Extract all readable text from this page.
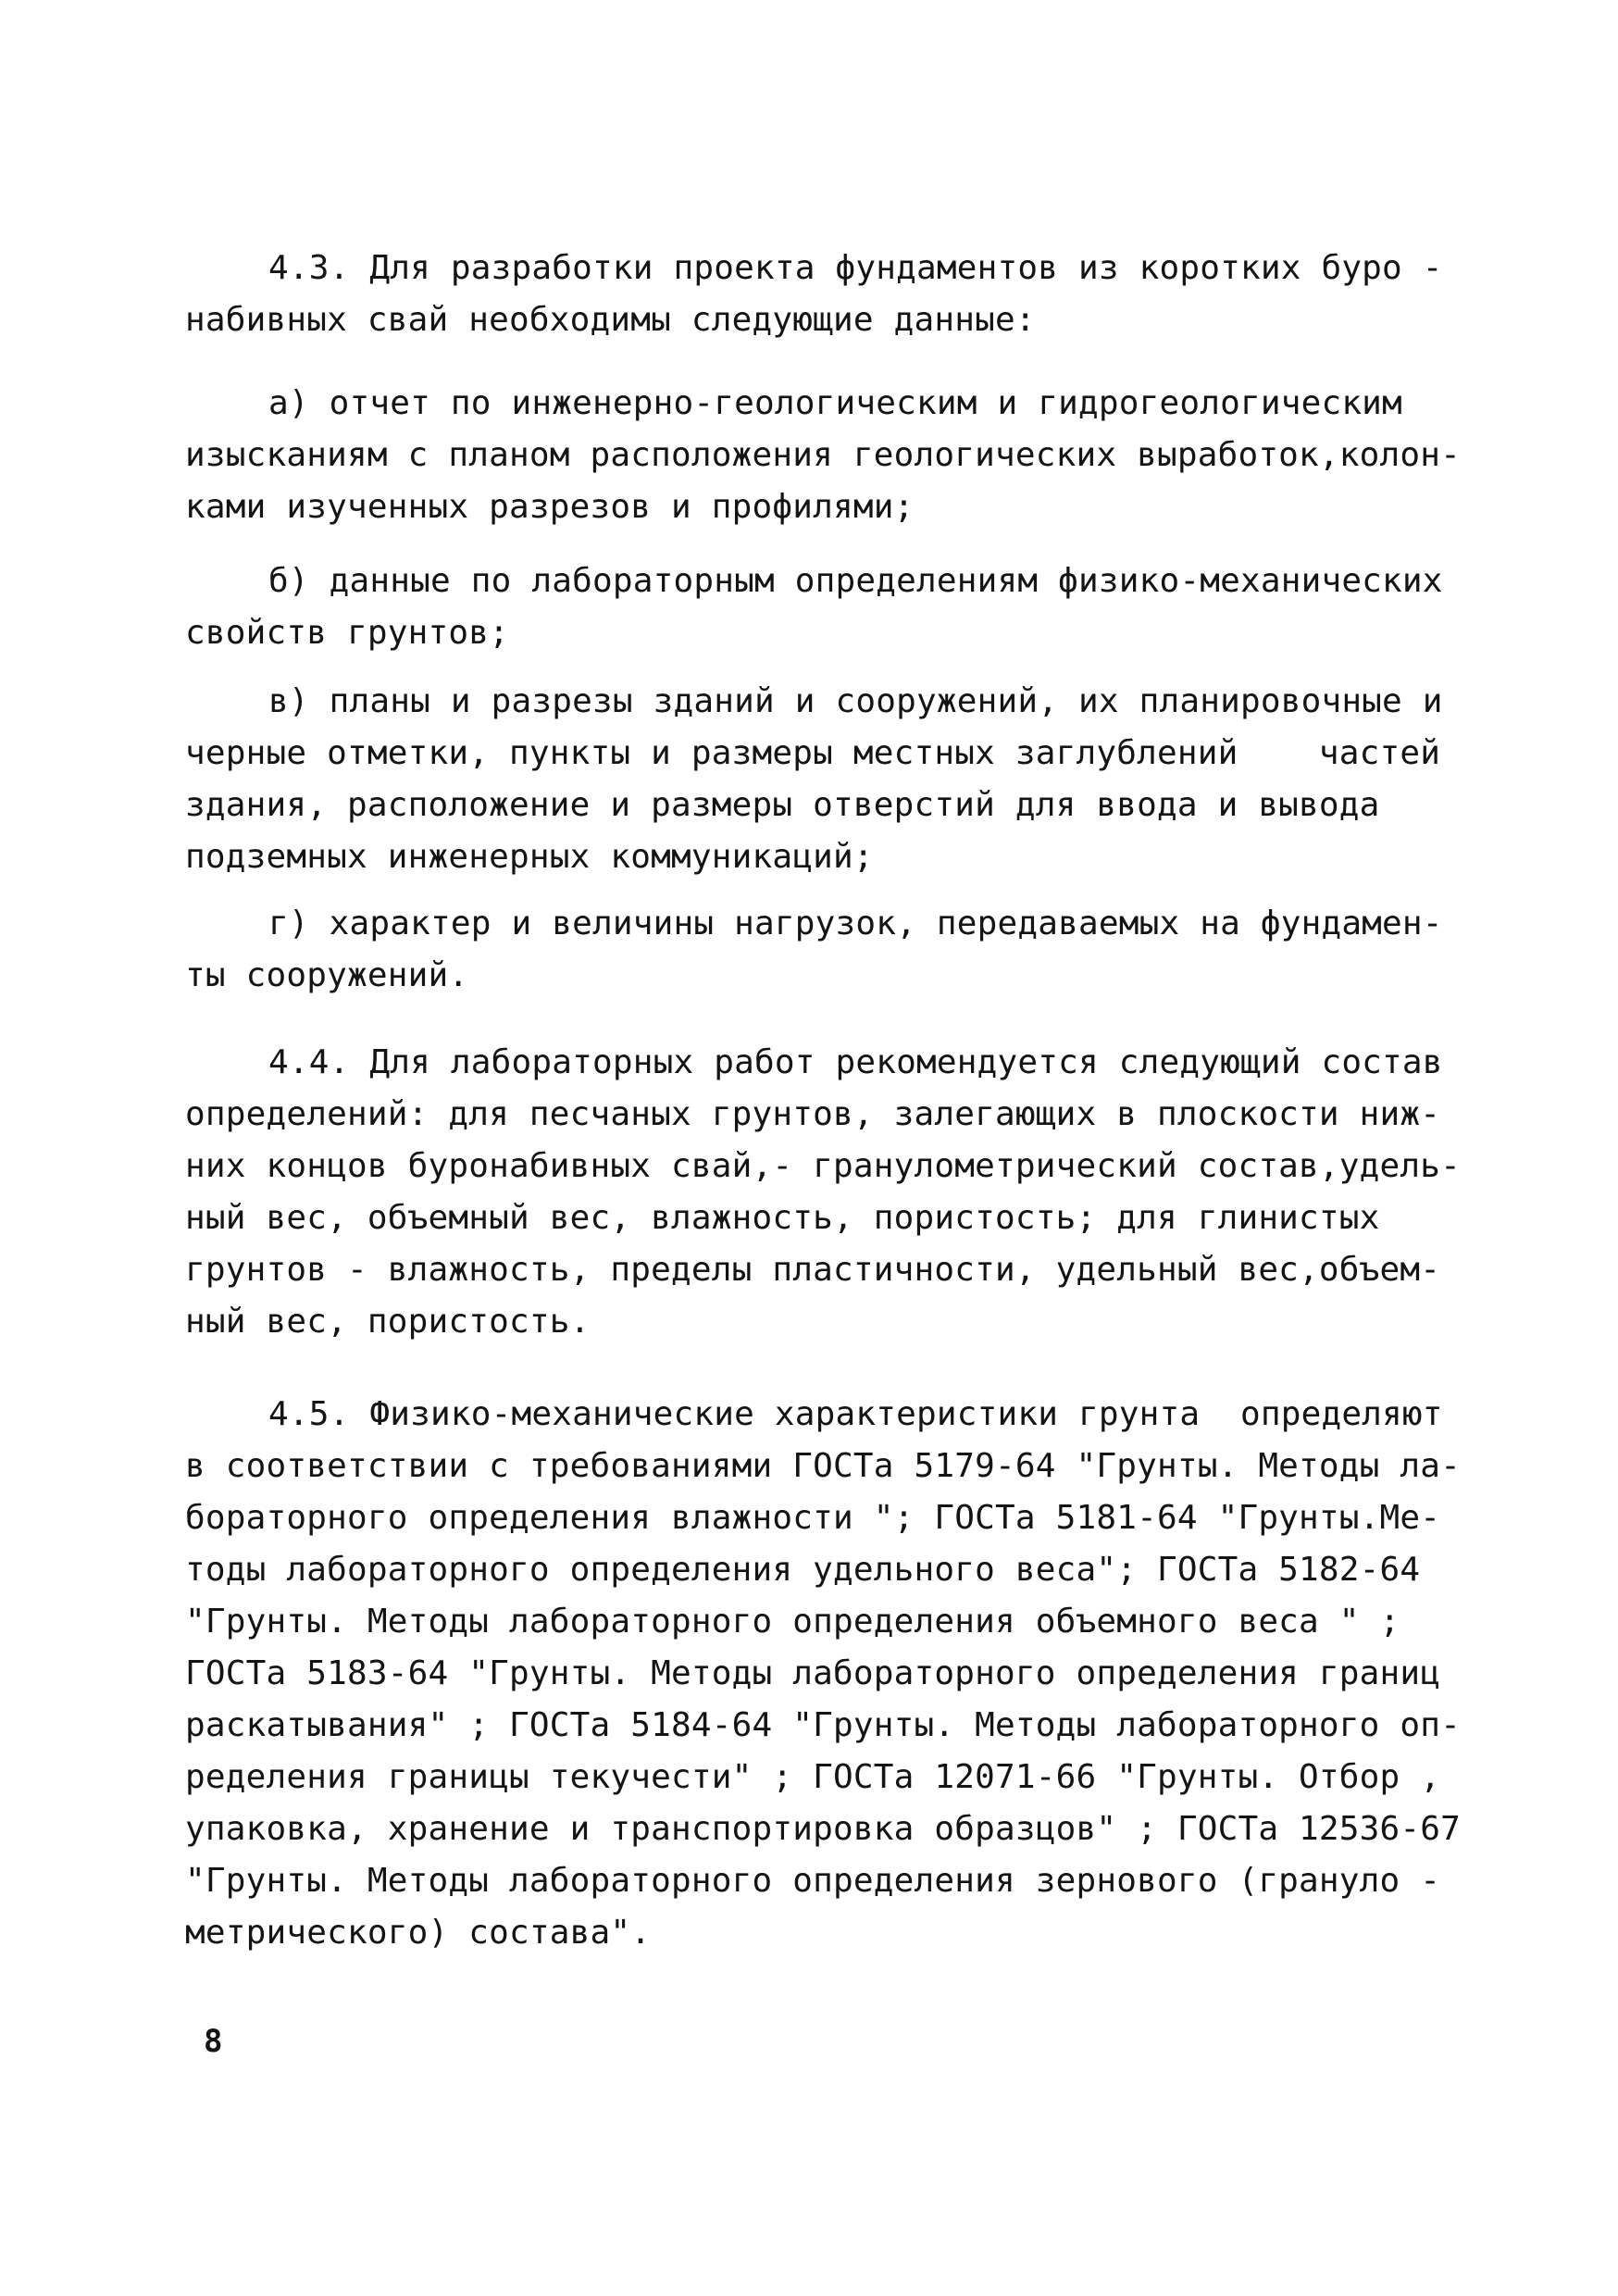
4.3. Для разработки проекта фундаментов из коротких буро -
набивных свай необходимы следующие данные:
а) отчет по инженерно-геологическим и гидрогеологическим
изысканиям с планом расположения геологических выработок,колон-
ками изученных разрезов и профилями;
б) данные по лабораторным определениям физико-механических
свойств грунтов;
в) планы и разрезы зданий и сооружений, их планировочные и
черные отметки, пункты и размеры местных заглублений    частей
здания, расположение и размеры отверстий для ввода и вывода
подземных инженерных коммуникаций;
г) характер и величины нагрузок, передаваемых на фундамен-
ты сооружений.
4.4. Для лабораторных работ рекомендуется следующий состав
определений: для песчаных грунтов, залегающих в плоскости ниж-
них концов буронабивных свай,- гранулометрический состав,удель-
ный вес, объемный вес, влажность, пористость; для глинистых
грунтов - влажность, пределы пластичности, удельный вес,объем-
ный вес, пористость.
4.5. Физико-механические характеристики грунта  определяют
в соответствии с требованиями ГОСТа 5179-64 "Грунты. Методы ла-
бораторного определения влажности "; ГОСТа 5181-64 "Грунты.Ме-
тоды лабораторного определения удельного веса"; ГОСТа 5182-64
"Грунты. Методы лабораторного определения объемного веса " ;
ГОСТа 5183-64 "Грунты. Методы лабораторного определения границ
раскатывания" ; ГОСТа 5184-64 "Грунты. Методы лабораторного оп-
ределения границы текучести" ; ГОСТа 12071-66 "Грунты. Отбор ,
упаковка, хранение и транспортировка образцов" ; ГОСТа 12536-67
"Грунты. Методы лабораторного определения зернового (грануло -
метрического) состава".
8
